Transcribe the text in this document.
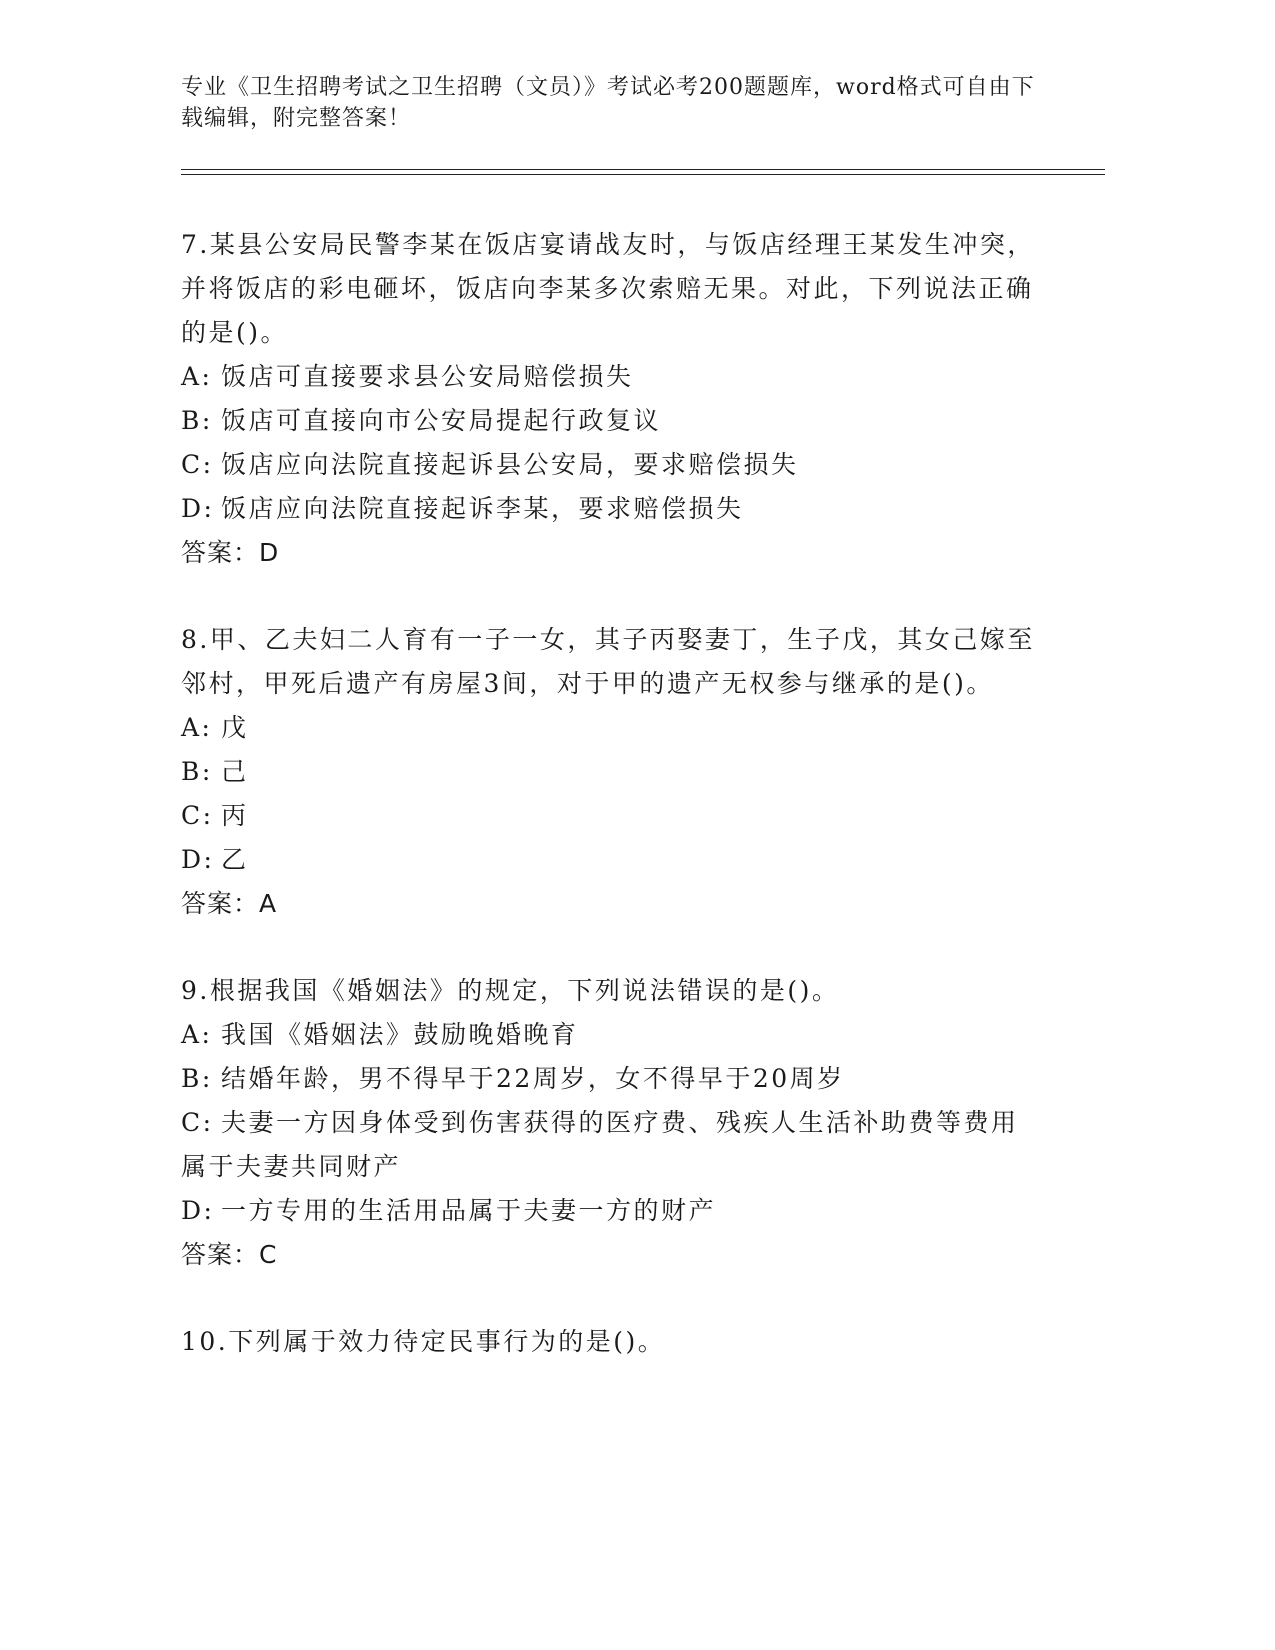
专业《卫生招聘考试之卫生招聘（文员）》考试必考200题题库，word格式可自由下载编辑，附完整答案！
7.某县公安局民警李某在饭店宴请战友时，与饭店经理王某发生冲突，并将饭店的彩电砸坏，饭店向李某多次索赔无果。对此，下列说法正确的是()。
A: 饭店可直接要求县公安局赔偿损失
B: 饭店可直接向市公安局提起行政复议
C: 饭店应向法院直接起诉县公安局，要求赔偿损失
D: 饭店应向法院直接起诉李某，要求赔偿损失
答案：D
8.甲、乙夫妇二人育有一子一女，其子丙娶妻丁，生子戊，其女己嫁至邻村，甲死后遗产有房屋3间，对于甲的遗产无权参与继承的是()。
A: 戊
B: 己
C: 丙
D: 乙
答案：A
9.根据我国《婚姻法》的规定，下列说法错误的是()。
A: 我国《婚姻法》鼓励晚婚晚育
B: 结婚年龄，男不得早于22周岁，女不得早于20周岁
C: 夫妻一方因身体受到伤害获得的医疗费、残疾人生活补助费等费用属于夫妻共同财产
D: 一方专用的生活用品属于夫妻一方的财产
答案：C
10.下列属于效力待定民事行为的是()。
